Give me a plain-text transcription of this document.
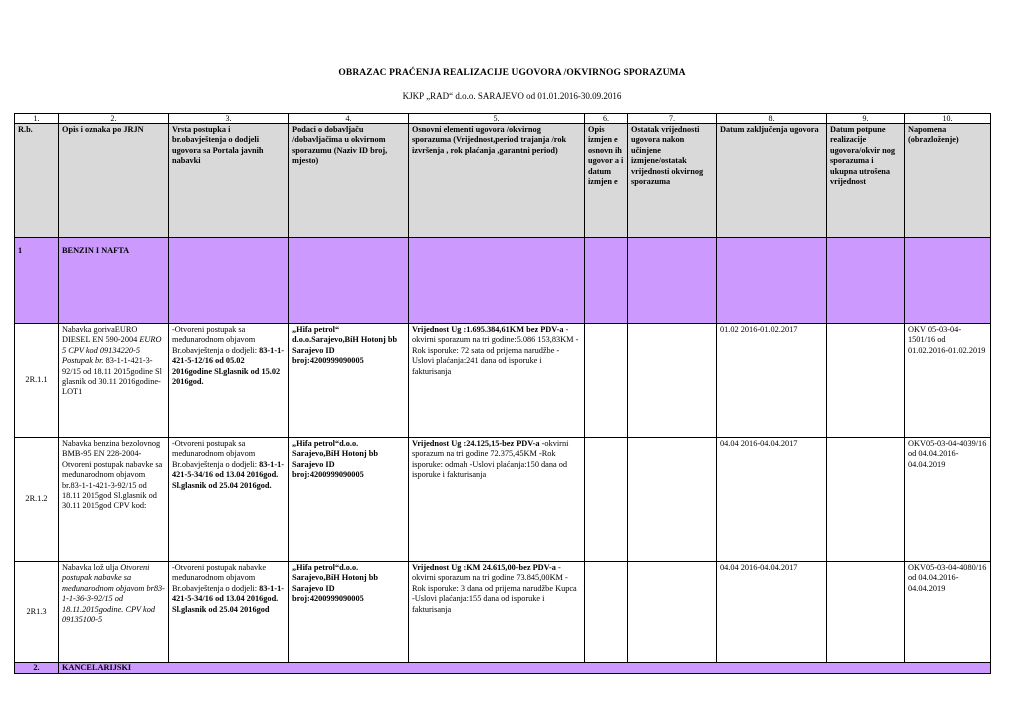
OBRAZAC PRAĆENJA REALIZACIJE UGOVORA /OKVIRNOG SPORAZUMA
KJKP „RAD“ d.o.o. SARAJEVO od 01.01.2016-30.09.2016
1.	2.	3.	4.	5.	6.	7.	8.	9.	10.
R.b.	Opis i oznaka po JRJN	Vrsta postupka i br.obavještenja o dodjeli ugovora sa Portala javnih nabavki	Podaci o dobavljaču /dobavljačima u okvirnom sporazumu (Naziv ID broj, mjesto)	Osnovni elementi ugovora /okvirnog sporazuma (Vrijednost,period trajanja /rok izvršenja , rok plaćanja ,garantni period)	Opis izmjen e osnovn ih ugovor a i datum izmjen e	Ostatak vrijednosti ugovora nakon učinjene izmjene/ostatak vrijednosti okvirnog sporazuma	Datum zaključenja ugovora	Datum potpune realizacije ugovora/okvir nog sporazuma i ukupna utrošena vrijednost	Napomena (obrazloženje)
1	BENZIN I NAFTA								
2R.1.1	Nabavka gorivaEURO DIESEL EN 590-2004 EURO 5 CPV kod 09134220-5 Postupak br. 83-1-1-421-3-92/15 od 18.11 2015godine Sl glasnik od 30.11 2016godine- LOT1	-Otvoreni postupak sa međunarodnom objavom Br.obavještenja o dodjeli: 83-1-1-421-5-12/16 od 05.02 2016godine Sl.glasnik od 15.02 2016god.	„Hifa petrol“ d.o.o.Sarajevo,BiH Hotonj bb Sarajevo ID broj:4200999090005	Vrijednost Ug :1.695.384,61KM bez PDV-a -okvirni sporazum na tri godine:5.086 153,83KM -Rok isporuke: 72 sata od prijema narudžbe -Uslovi plaćanja:241 dana od isporuke i fakturisanja			01.02 2016-01.02.2017		OKV 05-03-04-1501/16 od 01.02.2016-01.02.2019
2R.1.2	Nabavka benzina bezolovnog BMB-95 EN 228-2004-Otvoreni postupak nabavke sa međunarodnom objavom br.83-1-1-421-3-92/15 od 18.11 2015god Sl.glasnik od 30.11 2015god CPV kod:	-Otvoreni postupak sa međunarodnom objavom Br.obavještenja o dodjeli: 83-1-1-421-5-34/16 od 13.04 2016god. Sl.glasnik od 25.04 2016god.	„Hifa petrol“d.o.o. Sarajevo,BiH Hotonj bb Sarajevo ID broj:4200999090005	Vrijednost Ug :24.125,15-bez PDV-a -okvirni sporazum na tri godine 72.375,45KM -Rok isporuke: odmah -Uslovi plaćanja:150 dana od isporuke i fakturisanja			04.04 2016-04.04.2017		OKV05-03-04-4039/16 od 04.04.2016-04.04.2019
2R1.3	Nabavka lož ulja Otvoreni postupak nabavke sa međunarodnom objavom br83-1-1-36-3-92/15 od 18.11.2015godine. CPV kod 09135100-5	-Otvoreni postupak nabavke međunarodnom objavom Br.obavještenja o dodjeli: 83-1-1-421-5-34/16 od 13.04 2016god. Sl.glasnik od 25.04 2016god	„Hifa petrol“d.o.o. Sarajevo,BiH Hotonj bb Sarajevo ID broj:4200999090005	Vrijednost Ug :KM 24.615,00-bez PDV-a -okvirni sporazum na tri godine 73.845,00KM -Rok isporuke: 3 dana od prijema narudžbe Kupca -Uslovi plaćanja:155 dana od isporuke i fakturisanja			04.04 2016-04.04.2017		OKV05-03-04-4080/16 od 04.04.2016-04.04.2019
2.	KANCELARIJSKI								
